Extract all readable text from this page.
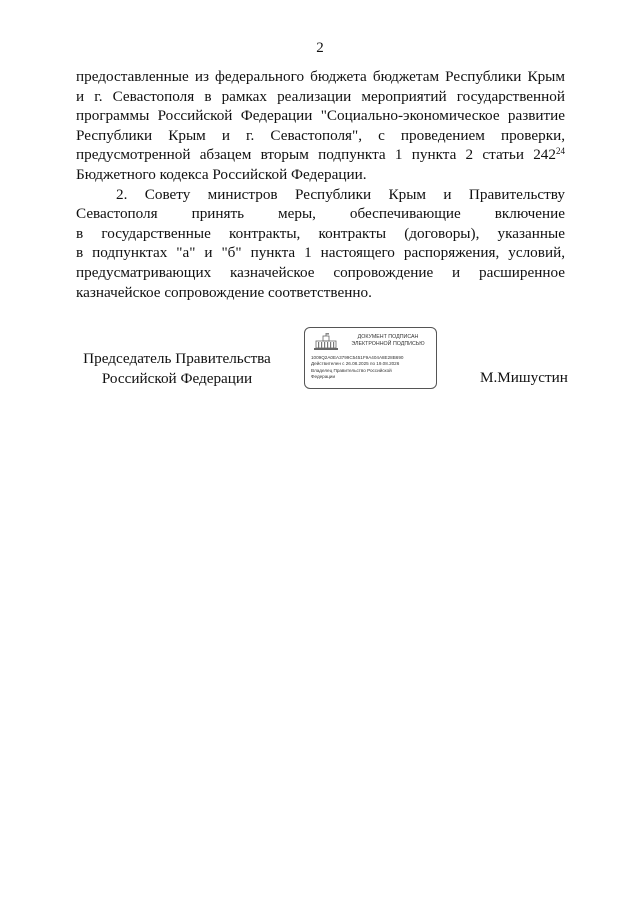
2
предоставленные из федерального бюджета бюджетам Республики Крым
и г. Севастополя в рамках реализации мероприятий государственной
программы Российской Федерации "Социально-экономическое развитие
Республики Крым и г. Севастополя", с проведением проверки,
предусмотренной абзацем вторым подпункта 1 пункта 2 статьи $242^{24}$
Бюджетного кодекса Российской Федерации.
2. Совету министров Республики Крым и Правительству
Севастополя принять меры, обеспечивающие включение
в государственные контракты, контракты (договоры), указанные
в подпунктах "а" и "б" пункта 1 настоящего распоряжения, условий,
предусматривающих казначейское сопровождение и расширенное
казначейское сопровождение соответственно.
Председатель Правительства
Российской Федерации
ДОКУМЕНТ ПОДПИСАН
ЭЛЕКТРОННОЙ ПОДПИСЬЮ
1009Q2A0EA3799C5451F9A404A8E28B690
Действителен с 26.08.2025 по 19.08.2026
Владелец Правительство Российской
Федерации	М.Мишустин
